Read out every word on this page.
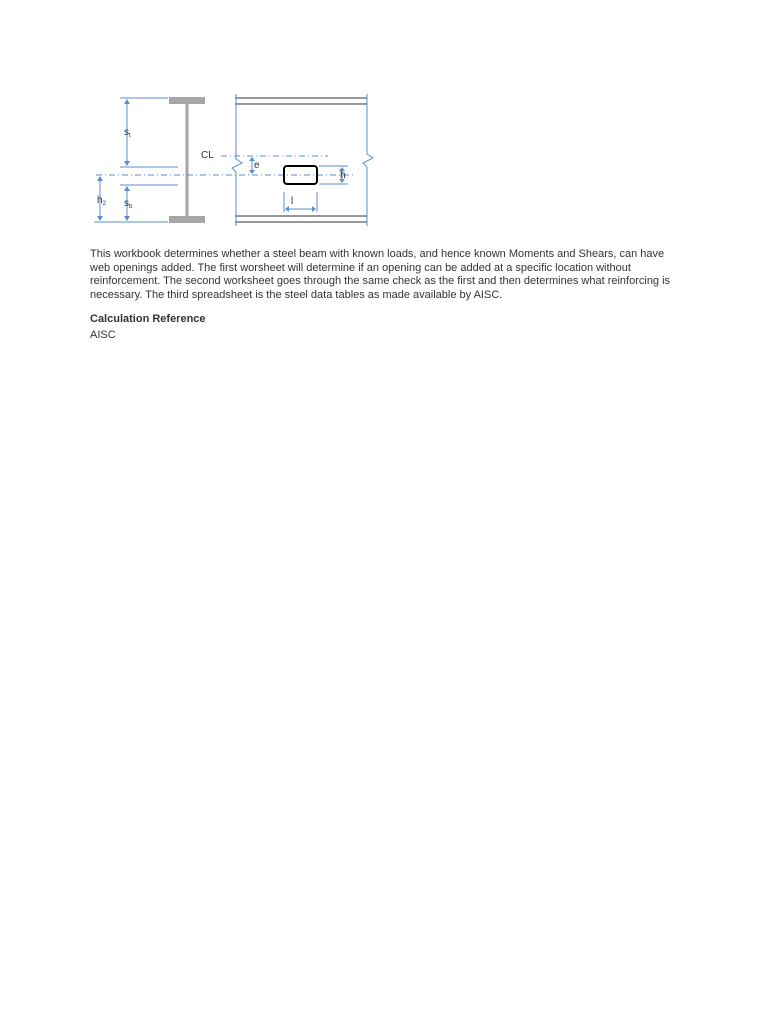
$s_t$
$s_b$
$h_2$
CL
e
h
l

This workbook determines whether a steel beam with known loads, and hence known Moments and Shears, can have web openings added. The first worsheet will determine if an opening can be added at a specific location without reinforcement. The second worksheet goes through the same check as the first and then determines what reinforcing is necessary. The third spreadsheet is the steel data tables as made available by AISC.

Calculation Reference

AISC
